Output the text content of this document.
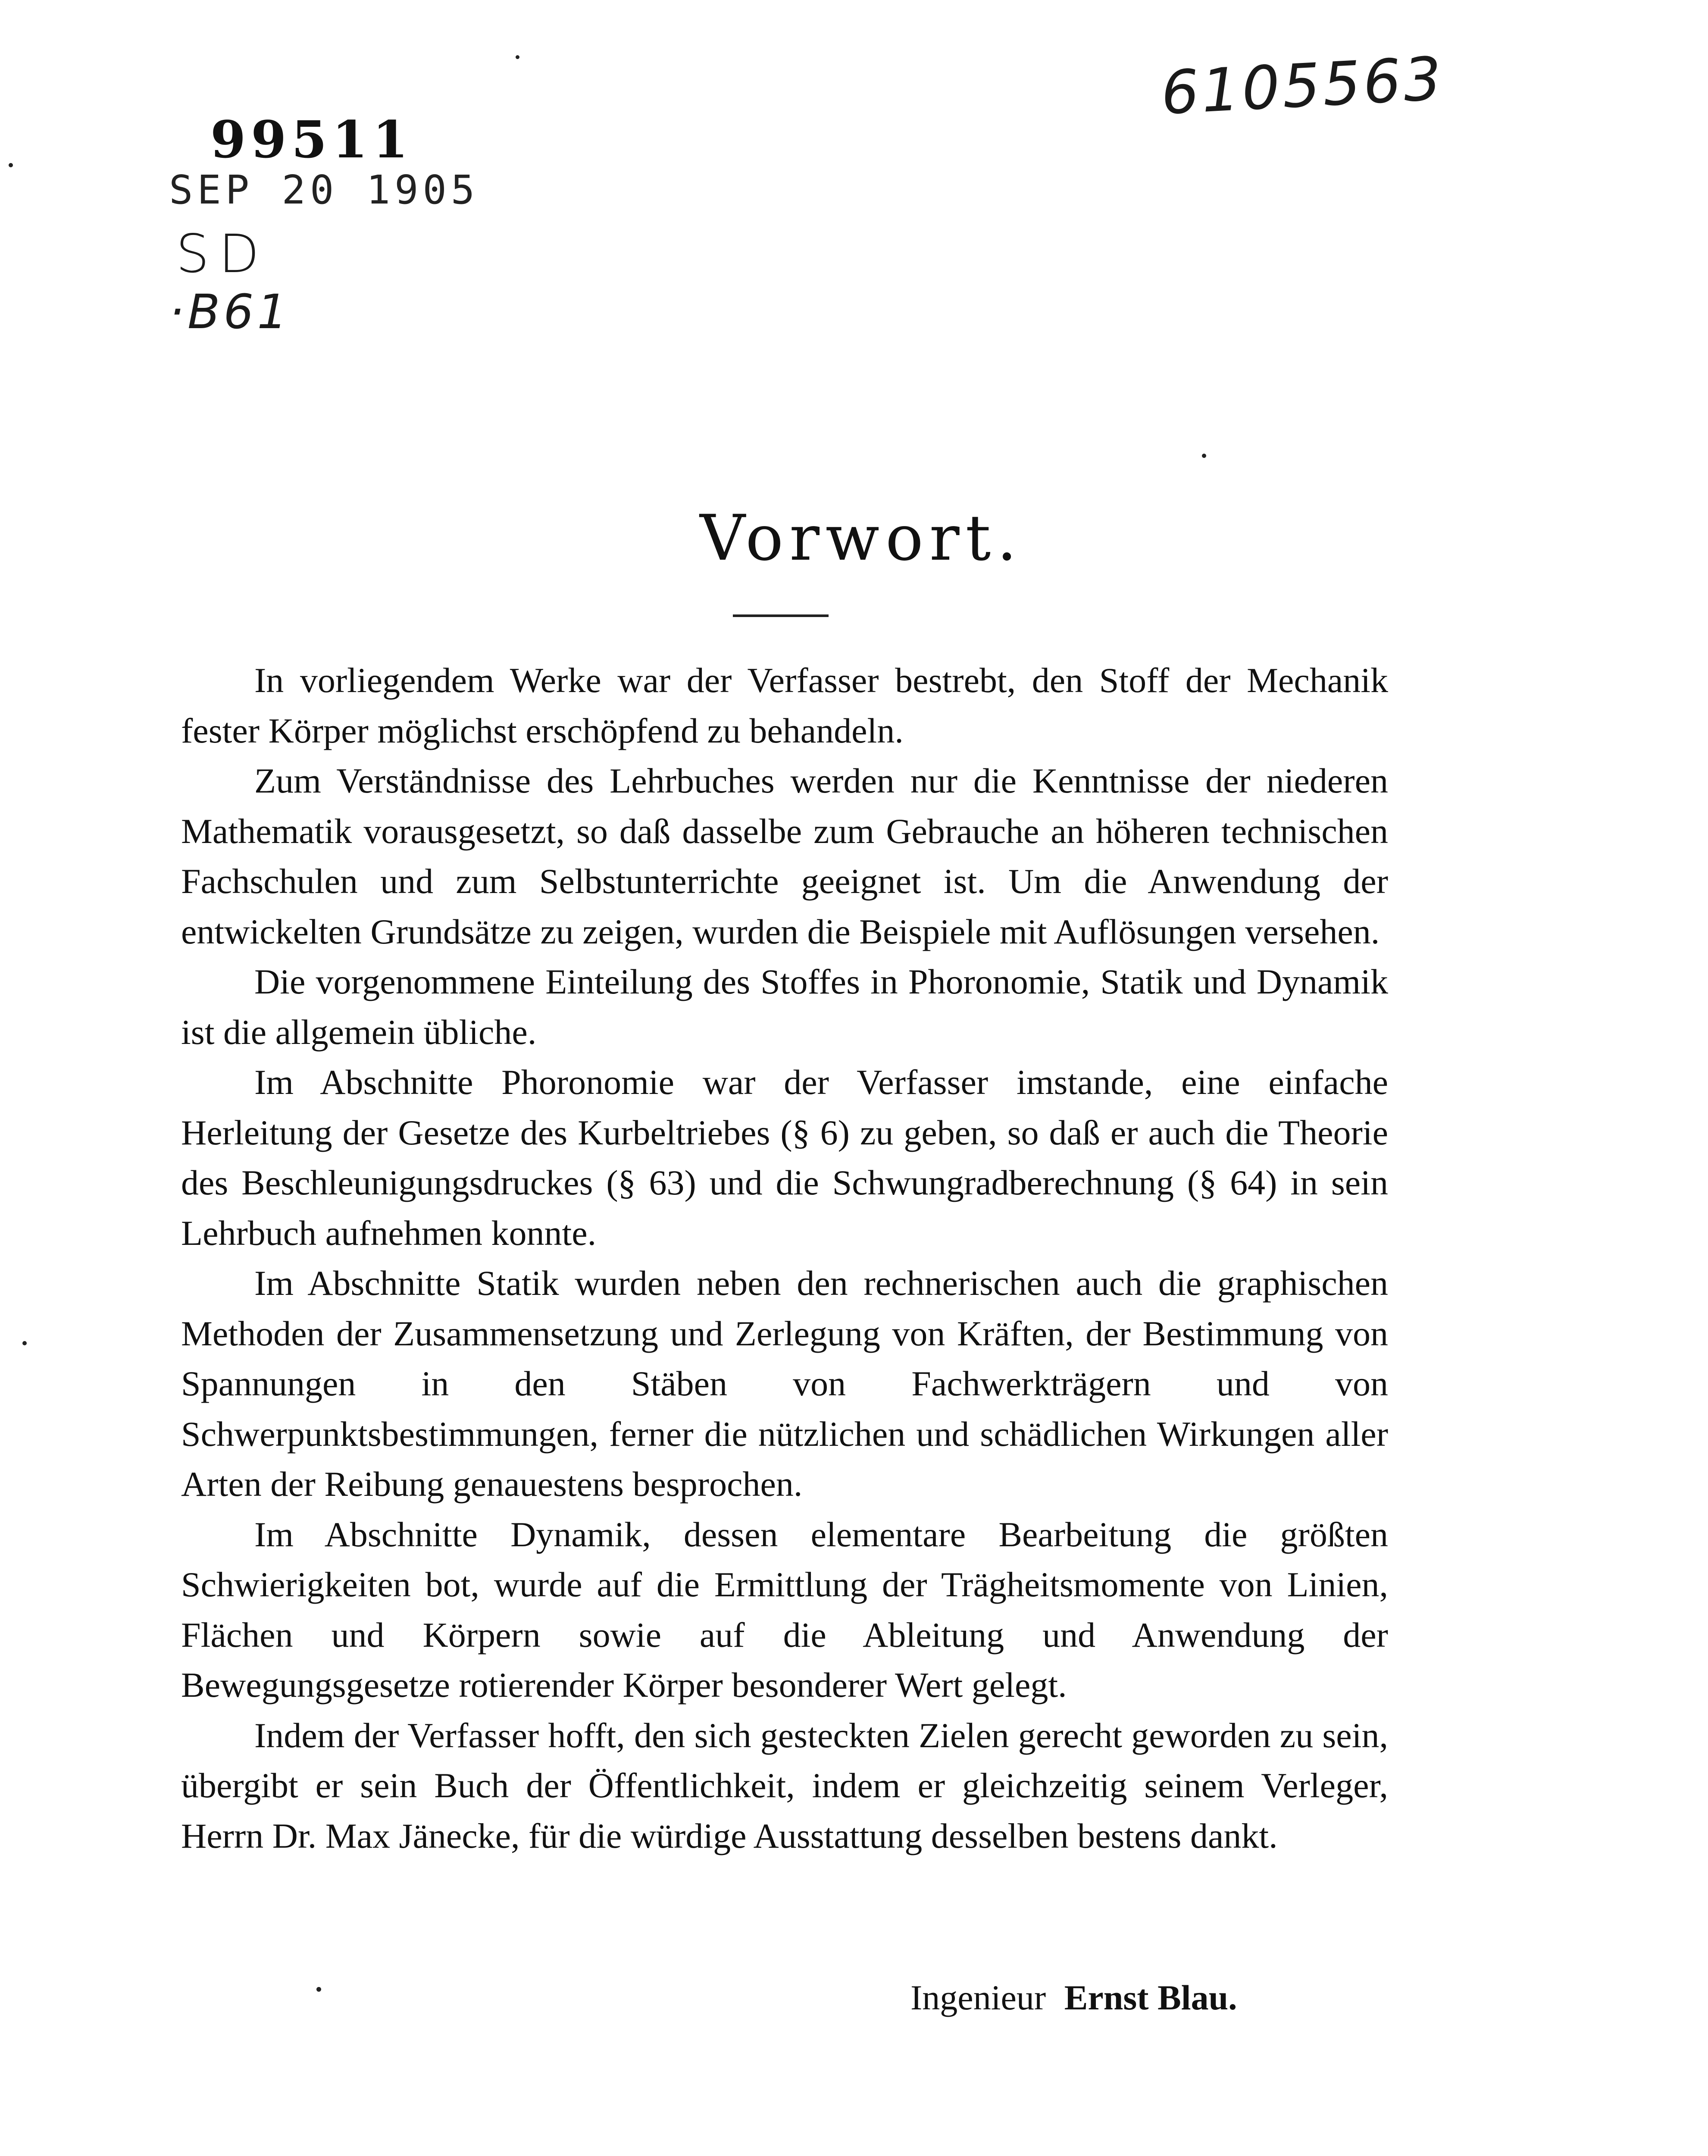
99511
SEP 20 1905
SD
·B61
6105563
Vorwort.

In vorliegendem Werke war der Verfasser bestrebt, den Stoff der Mechanik fester Körper möglichst erschöpfend zu behandeln.

Zum Verständnisse des Lehrbuches werden nur die Kenntnisse der niederen Mathematik vorausgesetzt, so daß dasselbe zum Gebrauche an höheren technischen Fachschulen und zum Selbstunterrichte geeignet ist. Um die Anwendung der entwickelten Grundsätze zu zeigen, wurden die Beispiele mit Auflösungen versehen.

Die vorgenommene Einteilung des Stoffes in Phoronomie, Statik und Dynamik ist die allgemein übliche.

Im Abschnitte Phoronomie war der Verfasser imstande, eine einfache Herleitung der Gesetze des Kurbeltriebes (§ 6) zu geben, so daß er auch die Theorie des Beschleunigungsdruckes (§ 63) und die Schwungradberechnung (§ 64) in sein Lehrbuch aufnehmen konnte.

Im Abschnitte Statik wurden neben den rechnerischen auch die graphischen Methoden der Zusammensetzung und Zerlegung von Kräften, der Bestimmung von Spannungen in den Stäben von Fachwerkträgern und von Schwerpunktsbestimmungen, ferner die nützlichen und schädlichen Wirkungen aller Arten der Reibung genauestens besprochen.

Im Abschnitte Dynamik, dessen elementare Bearbeitung die größten Schwierigkeiten bot, wurde auf die Ermittlung der Trägheitsmomente von Linien, Flächen und Körpern sowie auf die Ableitung und Anwendung der Bewegungsgesetze rotierender Körper besonderer Wert gelegt.

Indem der Verfasser hofft, den sich gesteckten Zielen gerecht geworden zu sein, übergibt er sein Buch der Öffentlichkeit, indem er gleichzeitig seinem Verleger, Herrn Dr. Max Jänecke, für die würdige Ausstattung desselben bestens dankt.

Ingenieur Ernst Blau.
